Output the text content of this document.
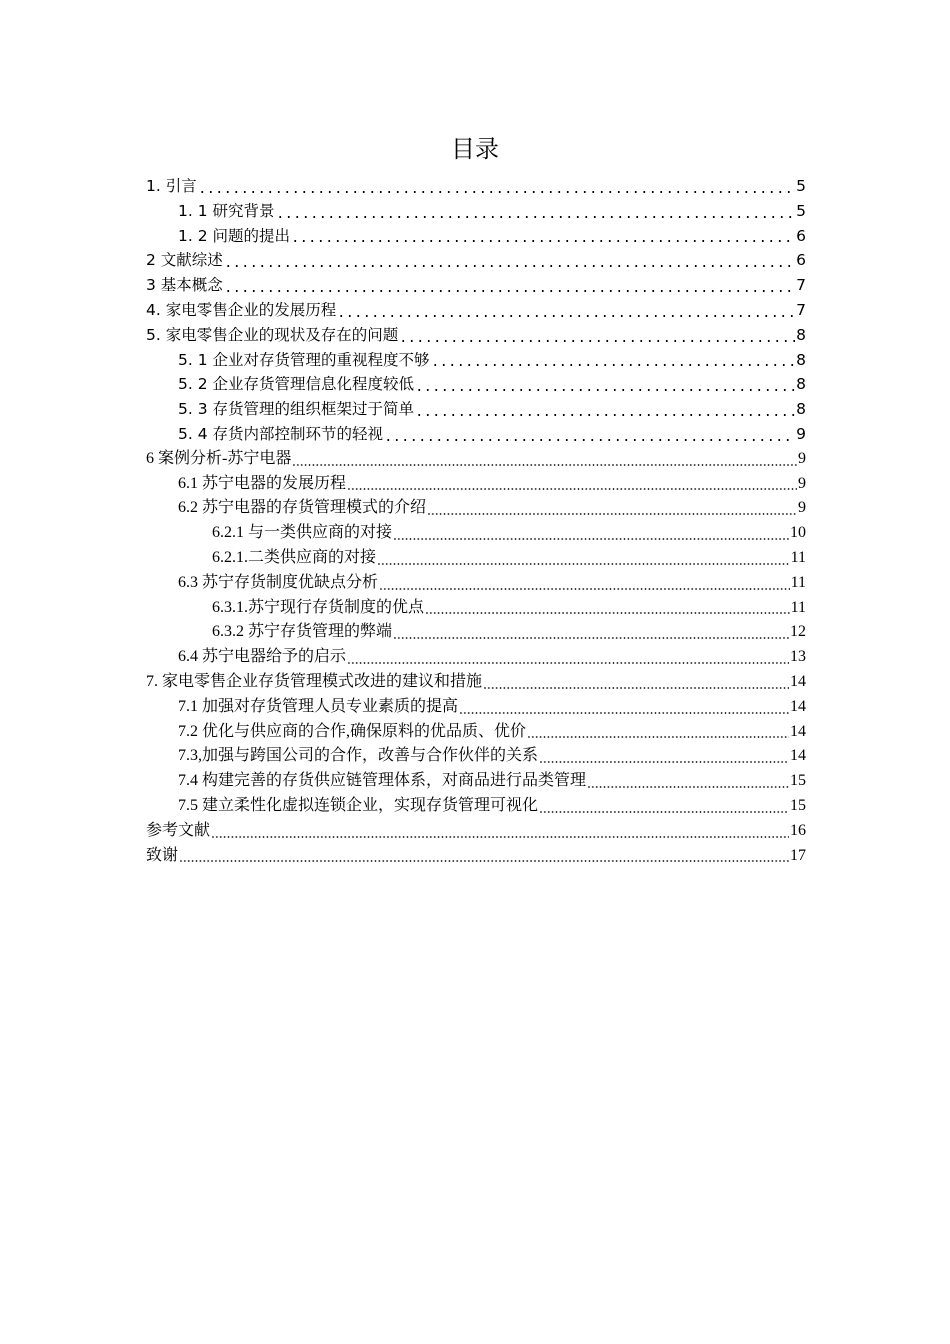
目录
1. 引言	5
1. 1 研究背景	5
1. 2 问题的提出	6
2 文献综述	6
3 基本概念	7
4. 家电零售企业的发展历程	7
5. 家电零售企业的现状及存在的问题	8
5. 1 企业对存货管理的重视程度不够	8
5. 2 企业存货管理信息化程度较低	8
5. 3 存货管理的组织框架过于简单	8
5. 4 存货内部控制环节的轻视	9
6 案例分析-苏宁电器	9
6.1 苏宁电器的发展历程	9
6.2 苏宁电器的存货管理模式的介绍	9
6.2.1 与一类供应商的对接	10
6.2.1.二类供应商的对接	11
6.3 苏宁存货制度优缺点分析	11
6.3.1.苏宁现行存货制度的优点	11
6.3.2 苏宁存货管理的弊端	12
6.4 苏宁电器给予的启示	13
7. 家电零售企业存货管理模式改进的建议和措施	14
7.1 加强对存货管理人员专业素质的提高	14
7.2 优化与供应商的合作,确保原料的优品质、优价	14
7.3,加强与跨国公司的合作，改善与合作伙伴的关系	14
7.4 构建完善的存货供应链管理体系，对商品进行品类管理	15
7.5 建立柔性化虚拟连锁企业，实现存货管理可视化	15
参考文献	16
致谢	17
